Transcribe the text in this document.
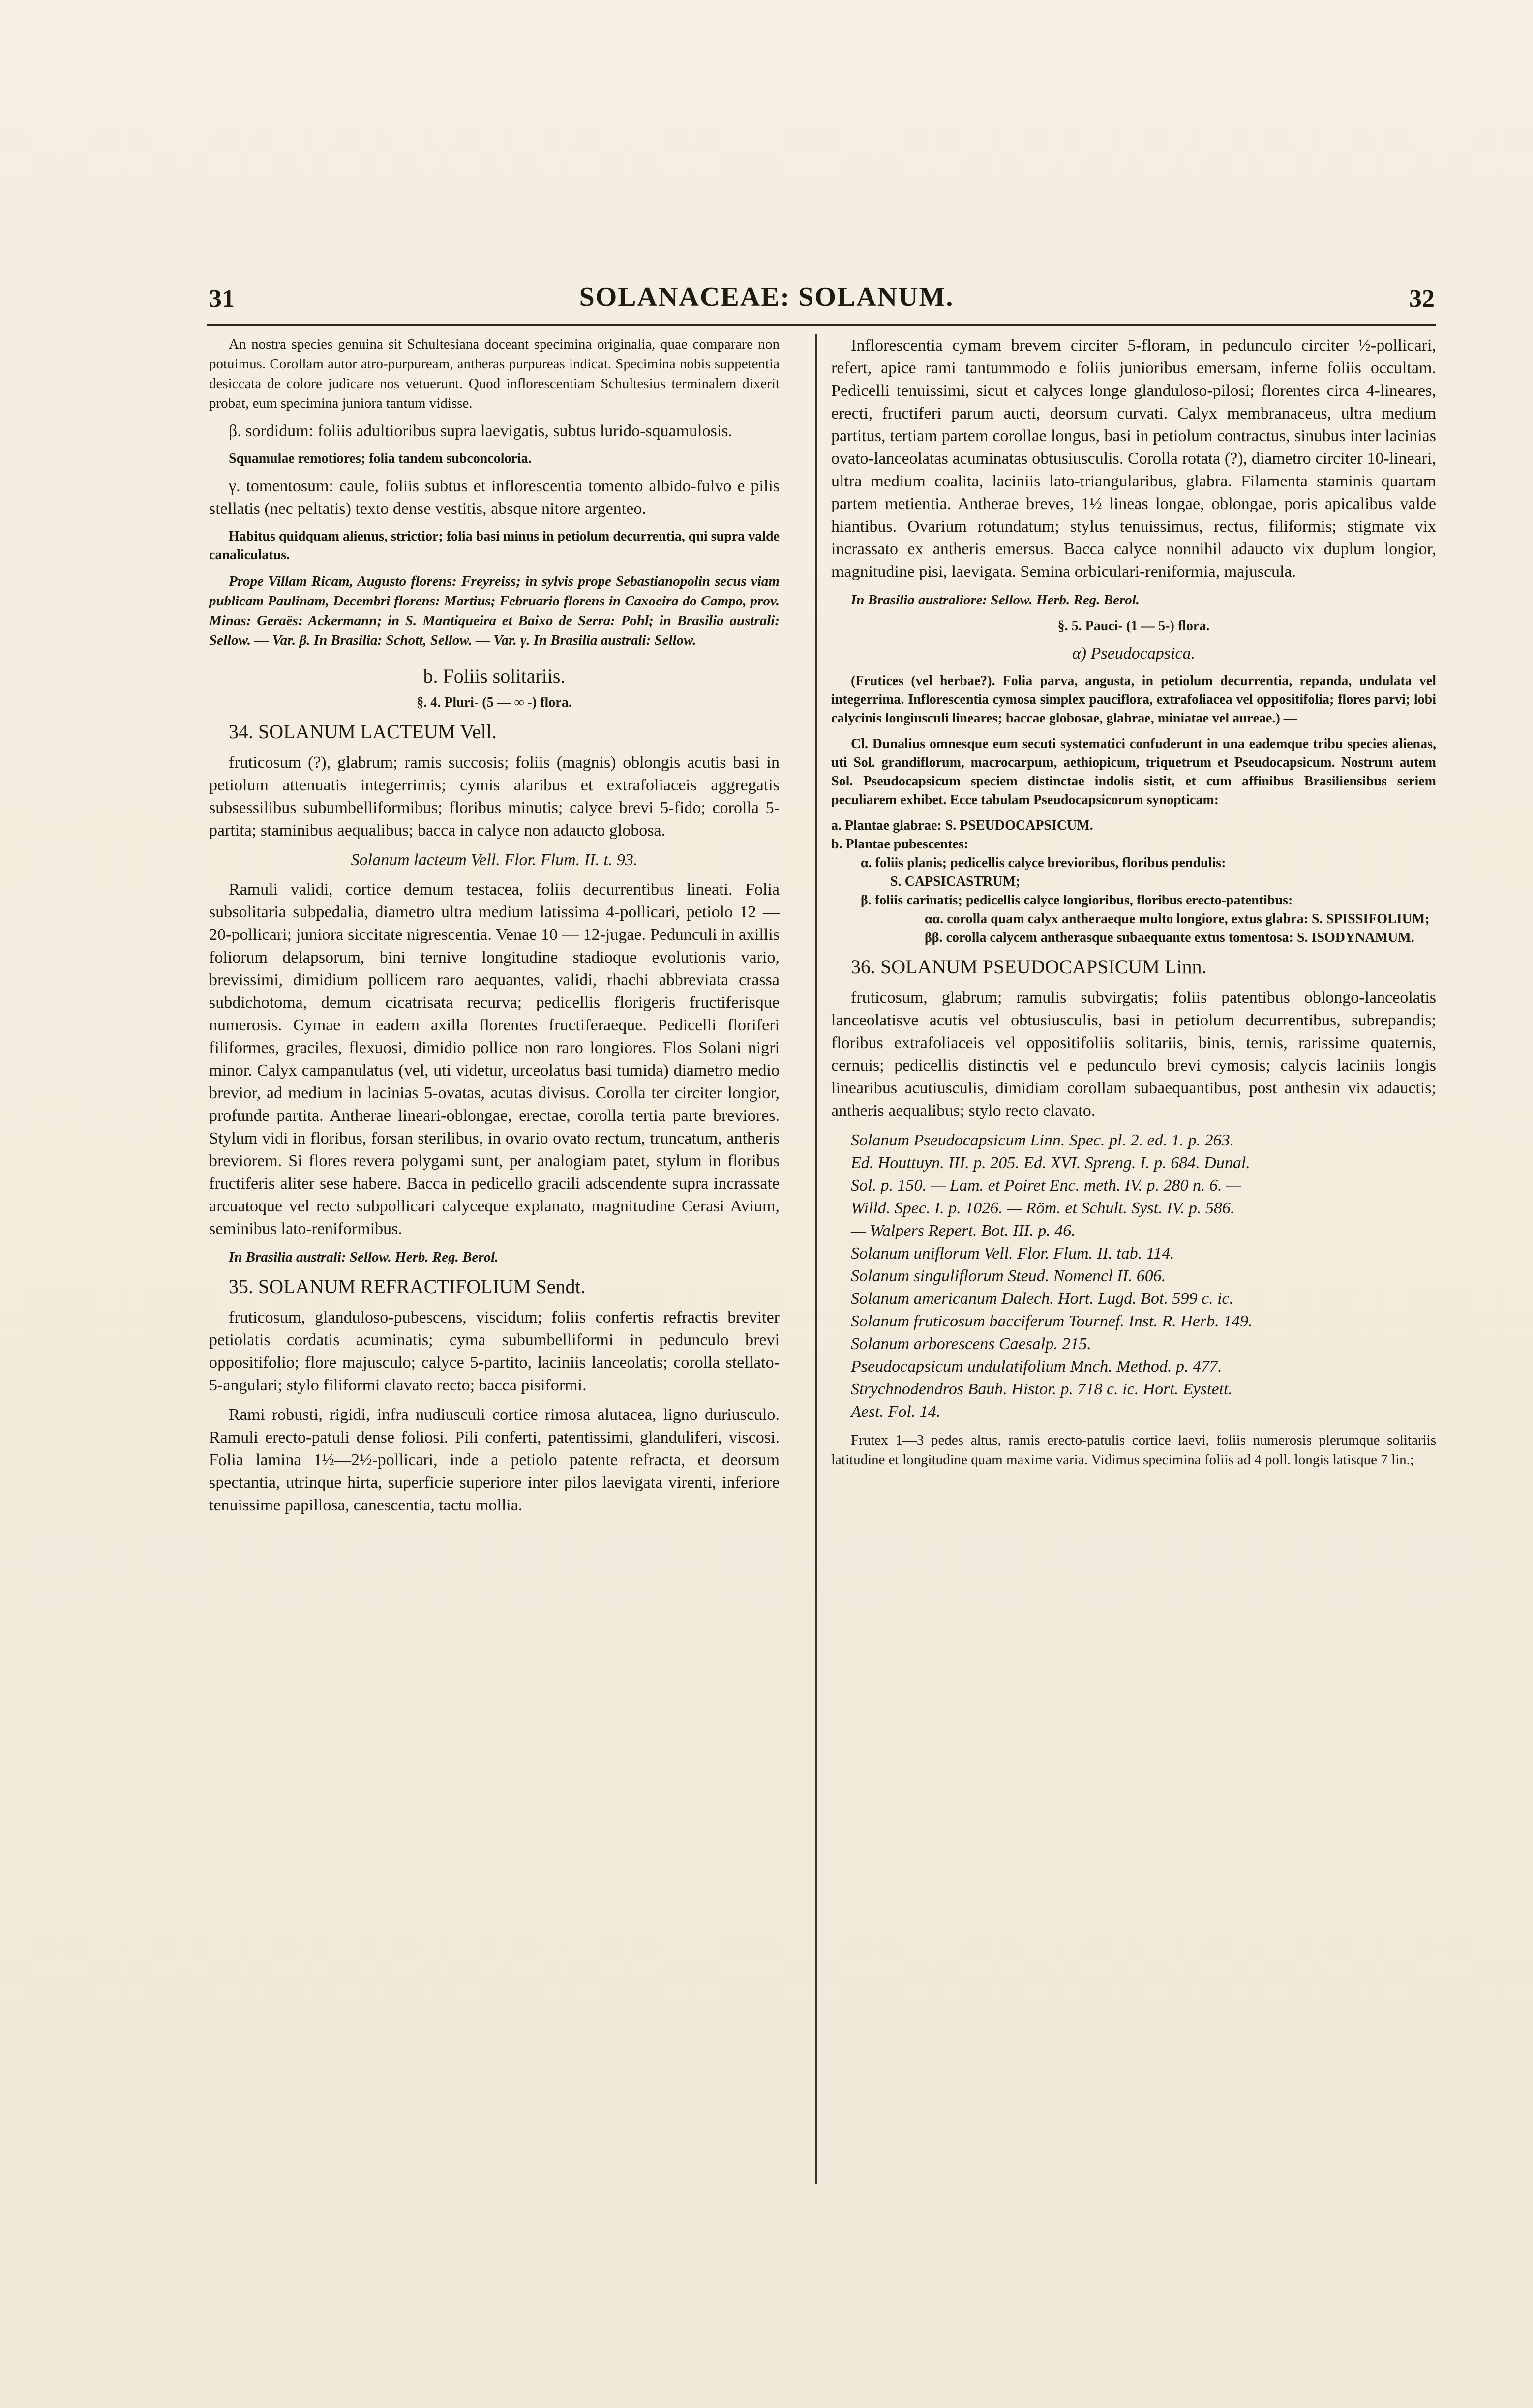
31	SOLANACEAE: SOLANUM.	32

An nostra species genuina sit Schultesiana doceant specimina originalia, quae comparare non potuimus. Corollam autor atro-purpuream, antheras purpureas indicat. Specimina nobis suppetentia desiccata de colore judicare nos vetuerunt. Quod inflorescentiam Schultesius terminalem dixerit probat, eum specimina juniora tantum vidisse.

β. sordidum: foliis adultioribus supra laevigatis, subtus lurido-squamulosis.

Squamulae remotiores; folia tandem subconcoloria.

γ. tomentosum: caule, foliis subtus et inflorescentia tomento albido-fulvo e pilis stellatis (nec peltatis) texto dense vestitis, absque nitore argenteo.

Habitus quidquam alienus, strictior; folia basi minus in petiolum decurrentia, qui supra valde canaliculatus.

Prope Villam Ricam, Augusto florens: Freyreiss; in sylvis prope Sebastianopolin secus viam publicam Paulinam, Decembri florens: Martius; Februario florens in Caxoeira do Campo, prov. Minas: Geraës: Ackermann; in S. Mantiqueira et Baixo de Serra: Pohl; in Brasilia australi: Sellow. — Var. β. In Brasilia: Schott, Sellow. — Var. γ. In Brasilia australi: Sellow.

b. Foliis solitariis.

§. 4. Pluri- (5 — ∞ -) flora.

34. SOLANUM LACTEUM Vell.

fruticosum (?), glabrum; ramis succosis; foliis (magnis) oblongis acutis basi in petiolum attenuatis integerrimis; cymis alaribus et extrafoliaceis aggregatis subsessilibus subumbelliformibus; floribus minutis; calyce brevi 5-fido; corolla 5-partita; staminibus aequalibus; bacca in calyce non adaucto globosa.

Solanum lacteum Vell. Flor. Flum. II. t. 93.

Ramuli validi, cortice demum testacea, foliis decurrentibus lineati. Folia subsolitaria subpedalia, diametro ultra medium latissima 4-pollicari, petiolo 12 — 20-pollicari; juniora siccitate nigrescentia. Venae 10 — 12-jugae. Pedunculi in axillis foliorum delapsorum, bini ternive longitudine stadioque evolutionis vario, brevissimi, dimidium pollicem raro aequantes, validi, rhachi abbreviata crassa subdichotoma, demum cicatrisata recurva; pedicellis florigeris fructiferisque numerosis. Cymae in eadem axilla florentes fructiferaeque. Pedicelli floriferi filiformes, graciles, flexuosi, dimidio pollice non raro longiores. Flos Solani nigri minor. Calyx campanulatus (vel, uti videtur, urceolatus basi tumida) diametro medio brevior, ad medium in lacinias 5-ovatas, acutas divisus. Corolla ter circiter longior, profunde partita. Antherae lineari-oblongae, erectae, corolla tertia parte breviores. Stylum vidi in floribus, forsan sterilibus, in ovario ovato rectum, truncatum, antheris breviorem. Si flores revera polygami sunt, per analogiam patet, stylum in floribus fructiferis aliter sese habere. Bacca in pedicello gracili adscendente supra incrassate arcuatoque vel recto subpollicari calyceque explanato, magnitudine Cerasi Avium, seminibus lato-reniformibus.

In Brasilia australi: Sellow. Herb. Reg. Berol.

35. SOLANUM REFRACTIFOLIUM Sendt.

fruticosum, glanduloso-pubescens, viscidum; foliis confertis refractis breviter petiolatis cordatis acuminatis; cyma subumbelliformi in pedunculo brevi oppositifolio; flore majusculo; calyce 5-partito, laciniis lanceolatis; corolla stellato-5-angulari; stylo filiformi clavato recto; bacca pisiformi.

Rami robusti, rigidi, infra nudiusculi cortice rimosa alutacea, ligno duriusculo. Ramuli erecto-patuli dense foliosi. Pili conferti, patentissimi, glanduliferi, viscosi. Folia lamina 1½—2½-pollicari, inde a petiolo patente refracta, et deorsum spectantia, utrinque hirta, superficie superiore inter pilos laevigata virenti, inferiore tenuissime papillosa, canescentia, tactu mollia.

Inflorescentia cymam brevem circiter 5-floram, in pedunculo circiter ½-pollicari, refert, apice rami tantummodo e foliis junioribus emersam, inferne foliis occultam. Pedicelli tenuissimi, sicut et calyces longe glanduloso-pilosi; florentes circa 4-lineares, erecti, fructiferi parum aucti, deorsum curvati. Calyx membranaceus, ultra medium partitus, tertiam partem corollae longus, basi in petiolum contractus, sinubus inter lacinias ovato-lanceolatas acuminatas obtusiusculis. Corolla rotata (?), diametro circiter 10-lineari, ultra medium coalita, laciniis lato-triangularibus, glabra. Filamenta staminis quartam partem metientia. Antherae breves, 1½ lineas longae, oblongae, poris apicalibus valde hiantibus. Ovarium rotundatum; stylus tenuissimus, rectus, filiformis; stigmate vix incrassato ex antheris emersus. Bacca calyce nonnihil adaucto vix duplum longior, magnitudine pisi, laevigata. Semina orbiculari-reniformia, majuscula.

In Brasilia australiore: Sellow. Herb. Reg. Berol.

§. 5. Pauci- (1 — 5-) flora.

α) Pseudocapsica.

(Frutices (vel herbae?). Folia parva, angusta, in petiolum decurrentia, repanda, undulata vel integerrima. Inflorescentia cymosa simplex pauciflora, extrafoliacea vel oppositifolia; flores parvi; lobi calycinis longiusculi lineares; baccae globosae, glabrae, miniatae vel aureae.) —

Cl. Dunalius omnesque eum secuti systematici confuderunt in una eademque tribu species alienas, uti Sol. grandiflorum, macrocarpum, aethiopicum, triquetrum et Pseudocapsicum. Nostrum autem Sol. Pseudocapsicum speciem distinctae indolis sistit, et cum affinibus Brasiliensibus seriem peculiarem exhibet. Ecce tabulam Pseudocapsicorum synopticam:

a. Plantae glabrae: S. PSEUDOCAPSICUM.

b. Plantae pubescentes:

α. foliis planis; pedicellis calyce brevioribus, floribus pendulis:

S. CAPSICASTRUM;

β. foliis carinatis; pedicellis calyce longioribus, floribus erecto-patentibus:

αα. corolla quam calyx antheraeque multo longiore, extus glabra: S. SPISSIFOLIUM;

ββ. corolla calycem antherasque subaequante extus tomentosa: S. ISODYNAMUM.

36. SOLANUM PSEUDOCAPSICUM Linn.

fruticosum, glabrum; ramulis subvirgatis; foliis patentibus oblongo-lanceolatis lanceolatisve acutis vel obtusiusculis, basi in petiolum decurrentibus, subrepandis; floribus extrafoliaceis vel oppositifoliis solitariis, binis, ternis, rarissime quaternis, cernuis; pedicellis distinctis vel e pedunculo brevi cymosis; calycis laciniis longis linearibus acutiusculis, dimidiam corollam subaequantibus, post anthesin vix adauctis; antheris aequalibus; stylo recto clavato.

Solanum Pseudocapsicum Linn. Spec. pl. 2. ed. 1. p. 263.

Ed. Houttuyn. III. p. 205. Ed. XVI. Spreng. I. p. 684. Dunal.

Sol. p. 150. — Lam. et Poiret Enc. meth. IV. p. 280 n. 6. —

Willd. Spec. I. p. 1026. — Röm. et Schult. Syst. IV. p. 586.

— Walpers Repert. Bot. III. p. 46.

Solanum uniflorum Vell. Flor. Flum. II. tab. 114.

Solanum singuliflorum Steud. Nomencl II. 606.

Solanum americanum Dalech. Hort. Lugd. Bot. 599 c. ic.

Solanum fruticosum bacciferum Tournef. Inst. R. Herb. 149.

Solanum arborescens Caesalp. 215.

Pseudocapsicum undulatifolium Mnch. Method. p. 477.

Strychnodendros Bauh. Histor. p. 718 c. ic. Hort. Eystett.

Aest. Fol. 14.

Frutex 1—3 pedes altus, ramis erecto-patulis cortice laevi, foliis numerosis plerumque solitariis latitudine et longitudine quam maxime varia. Vidimus specimina foliis ad 4 poll. longis latisque 7 lin.;
